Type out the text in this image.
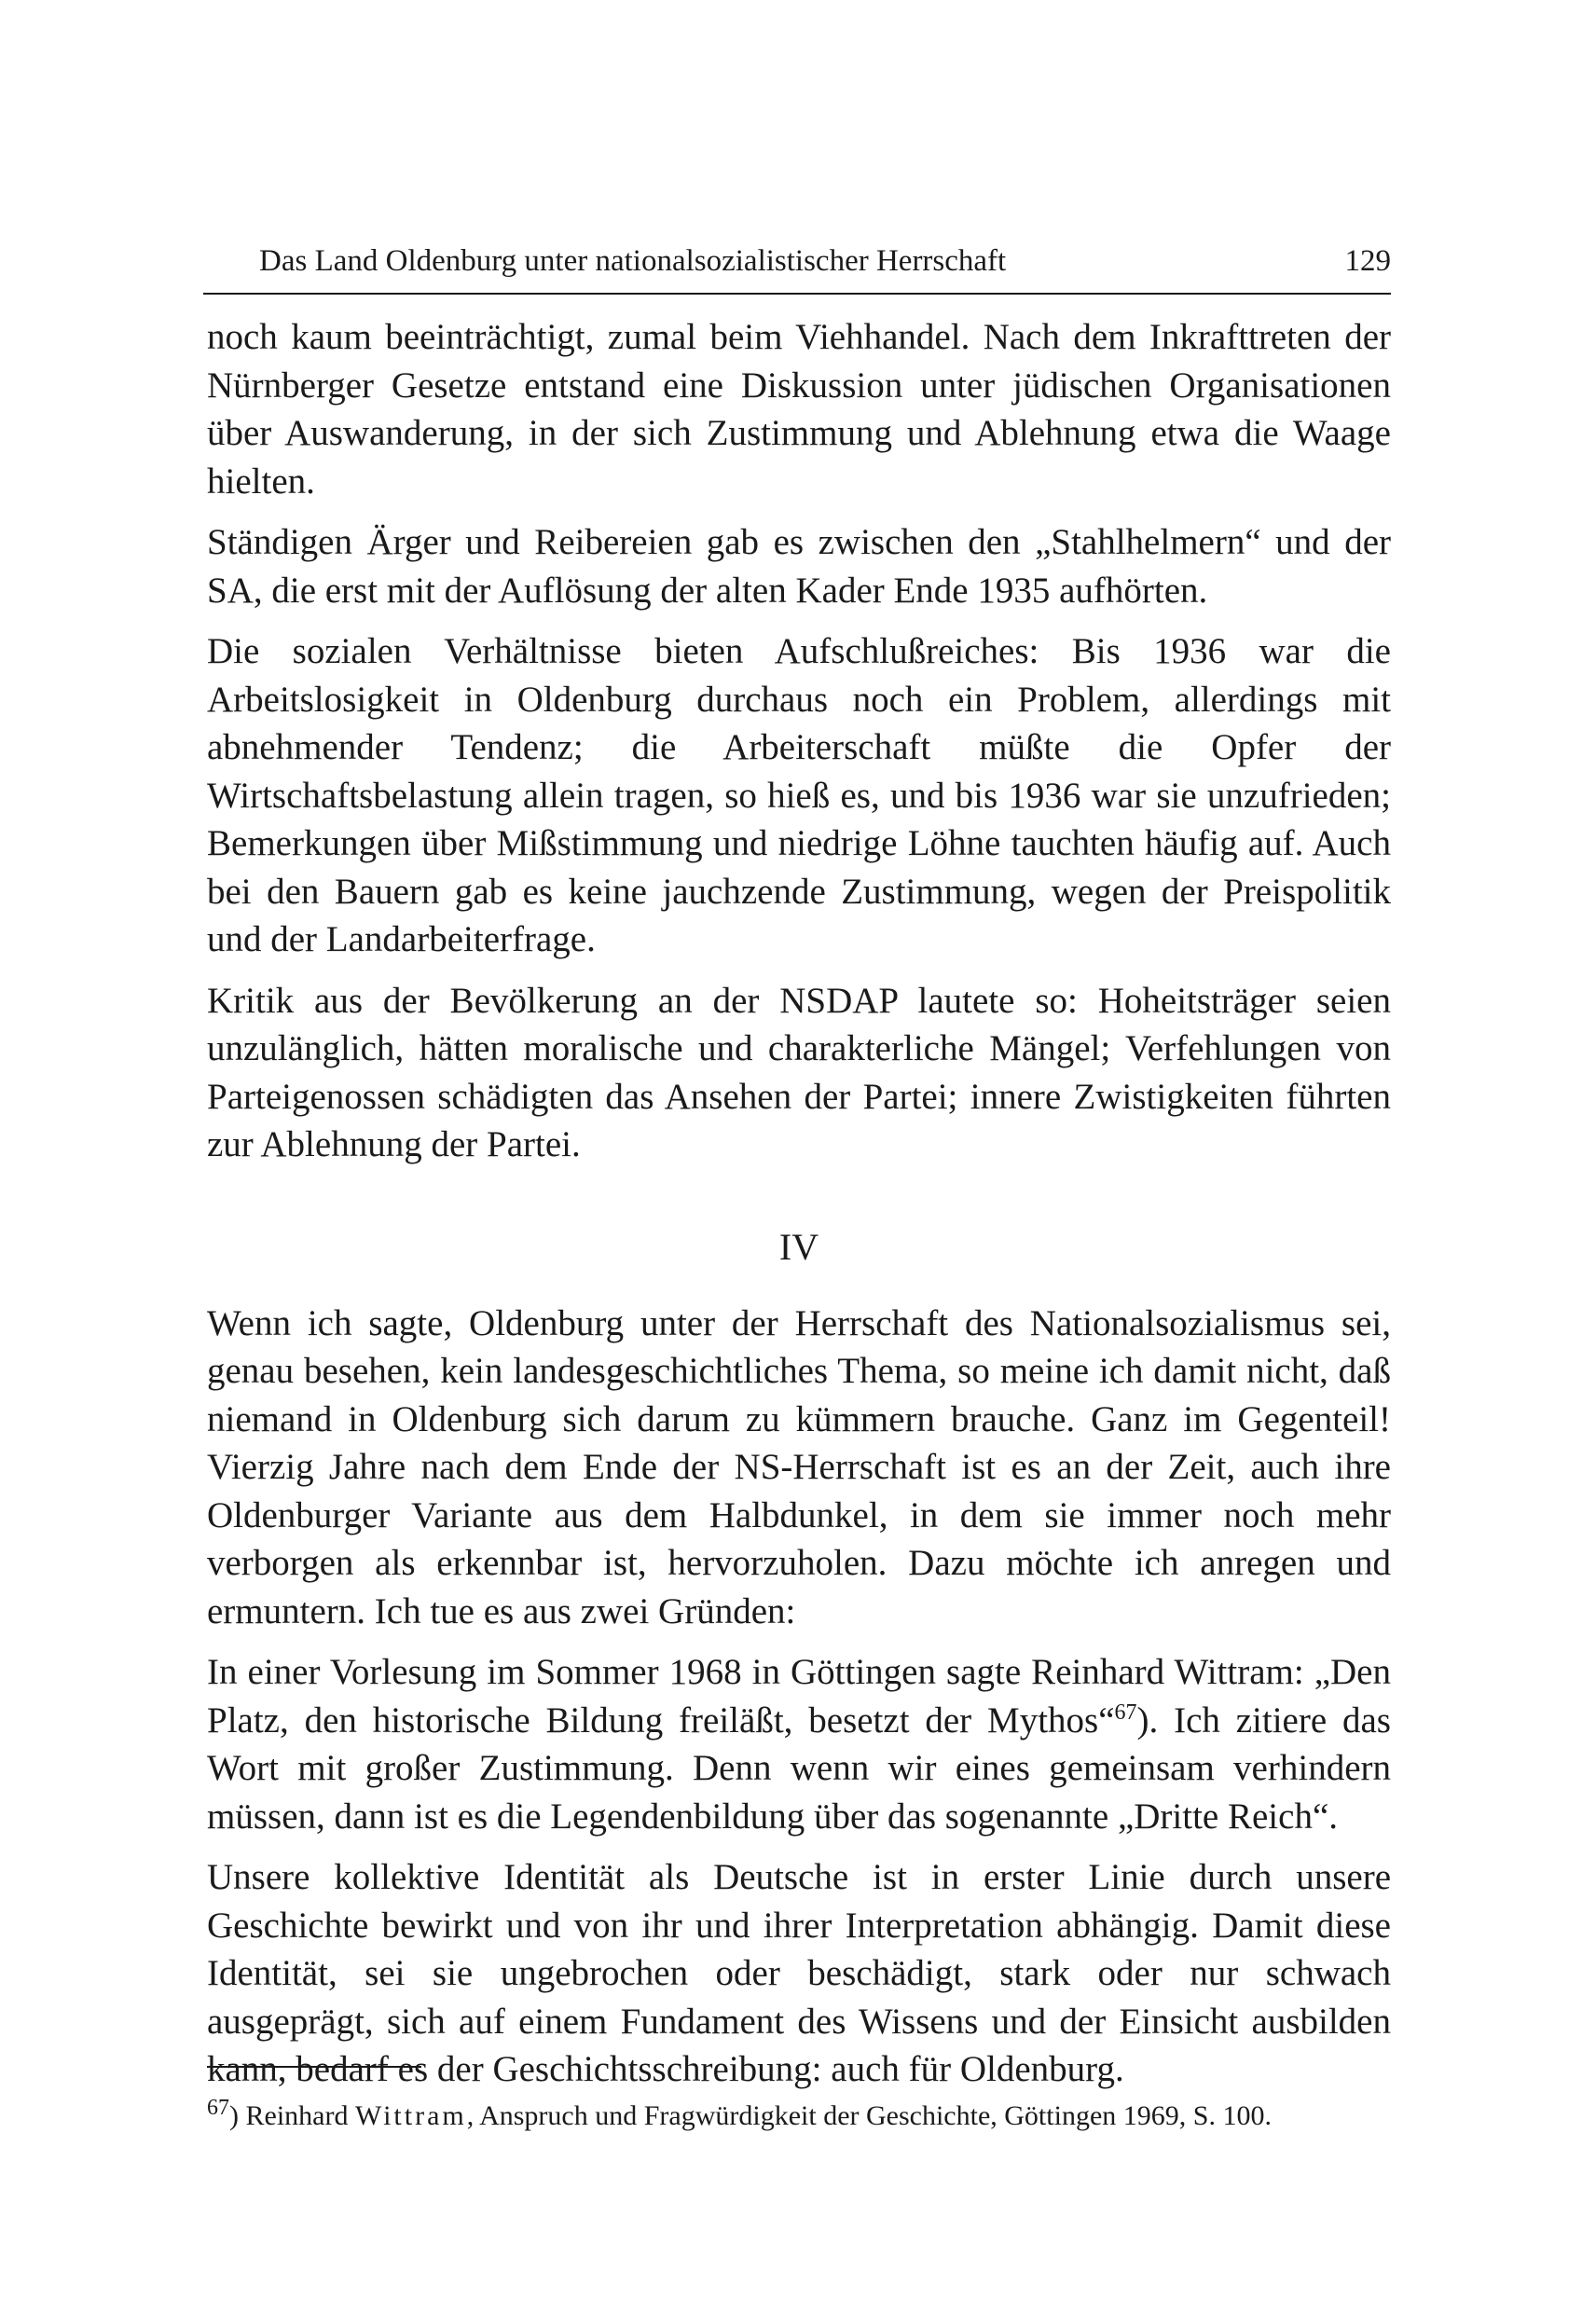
Das Land Oldenburg unter nationalsozialistischer Herrschaft	129

noch kaum beeinträchtigt, zumal beim Viehhandel. Nach dem Inkrafttreten der Nürnberger Gesetze entstand eine Diskussion unter jüdischen Organisationen über Auswanderung, in der sich Zustimmung und Ablehnung etwa die Waage hielten.

Ständigen Ärger und Reibereien gab es zwischen den „Stahlhelmern“ und der SA, die erst mit der Auflösung der alten Kader Ende 1935 aufhörten.

Die sozialen Verhältnisse bieten Aufschlußreiches: Bis 1936 war die Arbeitslosigkeit in Oldenburg durchaus noch ein Problem, allerdings mit abnehmender Tendenz; die Arbeiterschaft müßte die Opfer der Wirtschaftsbelastung allein tragen, so hieß es, und bis 1936 war sie unzufrieden; Bemerkungen über Mißstimmung und niedrige Löhne tauchten häufig auf. Auch bei den Bauern gab es keine jauchzende Zustimmung, wegen der Preispolitik und der Landarbeiterfrage.

Kritik aus der Bevölkerung an der NSDAP lautete so: Hoheitsträger seien unzulänglich, hätten moralische und charakterliche Mängel; Verfehlungen von Parteigenossen schädigten das Ansehen der Partei; innere Zwistigkeiten führten zur Ablehnung der Partei.

IV

Wenn ich sagte, Oldenburg unter der Herrschaft des Nationalsozialismus sei, genau besehen, kein landesgeschichtliches Thema, so meine ich damit nicht, daß niemand in Oldenburg sich darum zu kümmern brauche. Ganz im Gegenteil! Vierzig Jahre nach dem Ende der NS-Herrschaft ist es an der Zeit, auch ihre Oldenburger Variante aus dem Halbdunkel, in dem sie immer noch mehr verborgen als erkennbar ist, hervorzuholen. Dazu möchte ich anregen und ermuntern. Ich tue es aus zwei Gründen:

In einer Vorlesung im Sommer 1968 in Göttingen sagte Reinhard Wittram: „Den Platz, den historische Bildung freiläßt, besetzt der Mythos“$^{67}$). Ich zitiere das Wort mit großer Zustimmung. Denn wenn wir eines gemeinsam verhindern müssen, dann ist es die Legendenbildung über das sogenannte „Dritte Reich“.

Unsere kollektive Identität als Deutsche ist in erster Linie durch unsere Geschichte bewirkt und von ihr und ihrer Interpretation abhängig. Damit diese Identität, sei sie ungebrochen oder beschädigt, stark oder nur schwach ausgeprägt, sich auf einem Fundament des Wissens und der Einsicht ausbilden kann, bedarf es der Geschichtsschreibung: auch für Oldenburg.

$^{67}$) Reinhard Wittram, Anspruch und Fragwürdigkeit der Geschichte, Göttingen 1969, S. 100.
